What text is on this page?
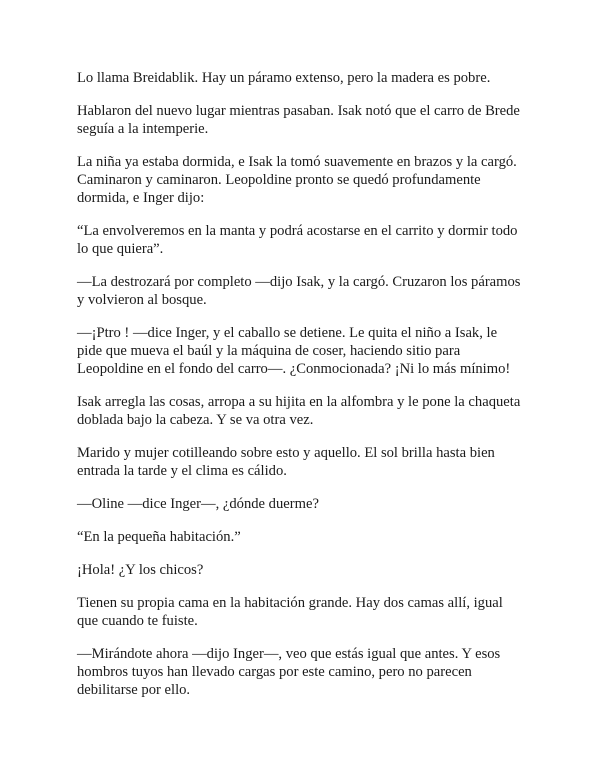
Lo llama Breidablik. Hay un páramo extenso, pero la madera es pobre.

Hablaron del nuevo lugar mientras pasaban. Isak notó que el carro de Brede
seguía a la intemperie.

La niña ya estaba dormida, e Isak la tomó suavemente en brazos y la cargó.
Caminaron y caminaron. Leopoldine pronto se quedó profundamente
dormida, e Inger dijo:

“La envolveremos en la manta y podrá acostarse en el carrito y dormir todo
lo que quiera”.

—La destrozará por completo —dijo Isak, y la cargó. Cruzaron los páramos
y volvieron al bosque.

—¡Ptro ! —dice Inger, y el caballo se detiene. Le quita el niño a Isak, le
pide que mueva el baúl y la máquina de coser, haciendo sitio para
Leopoldine en el fondo del carro—. ¿Conmocionada? ¡Ni lo más mínimo!

Isak arregla las cosas, arropa a su hijita en la alfombra y le pone la chaqueta
doblada bajo la cabeza. Y se va otra vez.

Marido y mujer cotilleando sobre esto y aquello. El sol brilla hasta bien
entrada la tarde y el clima es cálido.

—Oline —dice Inger—, ¿dónde duerme?

“En la pequeña habitación.”

¡Hola! ¿Y los chicos?

Tienen su propia cama en la habitación grande. Hay dos camas allí, igual
que cuando te fuiste.

—Mirándote ahora —dijo Inger—, veo que estás igual que antes. Y esos
hombros tuyos han llevado cargas por este camino, pero no parecen
debilitarse por ello.
